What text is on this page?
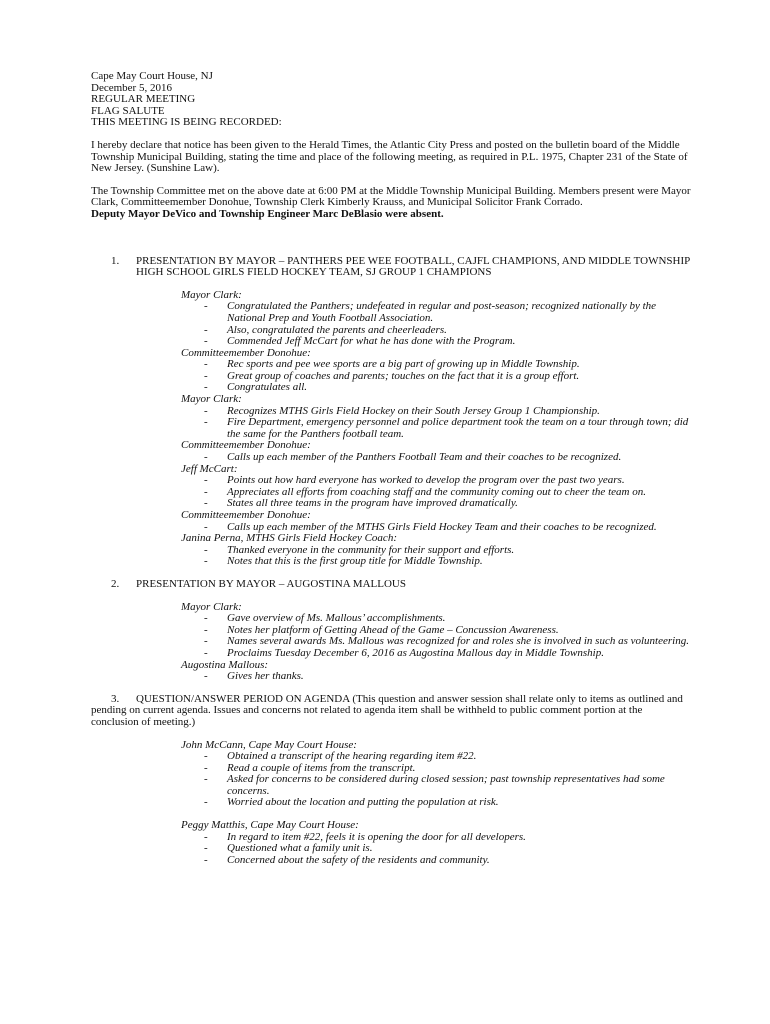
Cape May Court House, NJ
December 5, 2016
REGULAR MEETING
FLAG SALUTE
THIS MEETING IS BEING RECORDED:

I hereby declare that notice has been given to the Herald Times, the Atlantic City Press and posted on the bulletin board of the Middle Township Municipal Building, stating the time and place of the following meeting, as required in P.L. 1975, Chapter 231 of the State of New Jersey. (Sunshine Law).

The Township Committee met on the above date at 6:00 PM at the Middle Township Municipal Building. Members present were Mayor Clark, Committeemember Donohue, Township Clerk Kimberly Krauss, and Municipal Solicitor Frank Corrado.

Deputy Mayor DeVico and Township Engineer Marc DeBlasio were absent.

1. PRESENTATION BY MAYOR – PANTHERS PEE WEE FOOTBALL, CAJFL CHAMPIONS, AND MIDDLE TOWNSHIP HIGH SCHOOL GIRLS FIELD HOCKEY TEAM, SJ GROUP 1 CHAMPIONS
Mayor Clark:
- Congratulated the Panthers; undefeated in regular and post-season; recognized nationally by the National Prep and Youth Football Association.
- Also, congratulated the parents and cheerleaders.
- Commended Jeff McCart for what he has done with the Program.
Committeemember Donohue:
- Rec sports and pee wee sports are a big part of growing up in Middle Township.
- Great group of coaches and parents; touches on the fact that it is a group effort.
- Congratulates all.
Mayor Clark:
- Recognizes MTHS Girls Field Hockey on their South Jersey Group 1 Championship.
- Fire Department, emergency personnel and police department took the team on a tour through town; did the same for the Panthers football team.
Committeemember Donohue:
- Calls up each member of the Panthers Football Team and their coaches to be recognized.
Jeff McCart:
- Points out how hard everyone has worked to develop the program over the past two years.
- Appreciates all efforts from coaching staff and the community coming out to cheer the team on.
- States all three teams in the program have improved dramatically.
Committeemember Donohue:
- Calls up each member of the MTHS Girls Field Hockey Team and their coaches to be recognized.
Janina Perna, MTHS Girls Field Hockey Coach:
- Thanked everyone in the community for their support and efforts.
- Notes that this is the first group title for Middle Township.
2. PRESENTATION BY MAYOR – AUGOSTINA MALLOUS
Mayor Clark:
- Gave overview of Ms. Mallous’ accomplishments.
- Notes her platform of Getting Ahead of the Game – Concussion Awareness.
- Names several awards Ms. Mallous was recognized for and roles she is involved in such as volunteering.
- Proclaims Tuesday December 6, 2016 as Augostina Mallous day in Middle Township.
Augostina Mallous:
- Gives her thanks.
3. QUESTION/ANSWER PERIOD ON AGENDA (This question and answer session shall relate only to items as outlined and pending on current agenda. Issues and concerns not related to agenda item shall be withheld to public comment portion at the conclusion of meeting.)
John McCann, Cape May Court House:
- Obtained a transcript of the hearing regarding item #22.
- Read a couple of items from the transcript.
- Asked for concerns to be considered during closed session; past township representatives had some concerns.
- Worried about the location and putting the population at risk.
Peggy Matthis, Cape May Court House:
- In regard to item #22, feels it is opening the door for all developers.
- Questioned what a family unit is.
- Concerned about the safety of the residents and community.
